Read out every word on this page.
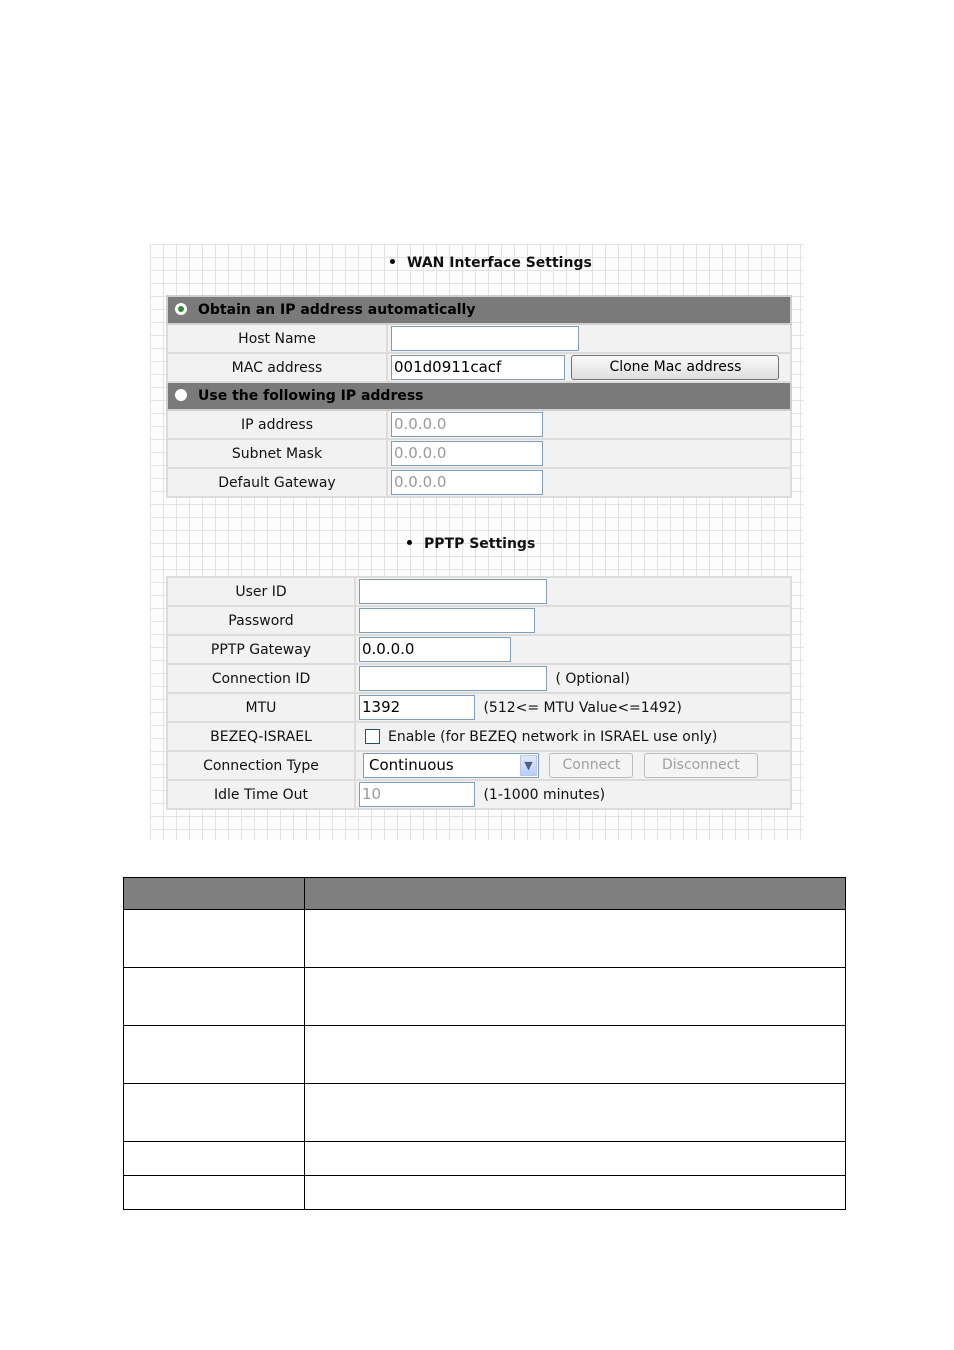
WAN Interface Settings
Obtain an IP address automatically	
Host Name	
MAC address	001d0911cacf Clone Mac address
Use the following IP address	
IP address	0.0.0.0
Subnet Mask	0.0.0.0
Default Gateway	0.0.0.0
PPTP Settings
User ID	
Password	
PPTP Gateway	0.0.0.0
Connection ID	( Optional)
MTU	1392 (512<= MTU Value<=1492)
BEZEQ-ISRAEL	Enable (for BEZEQ network in ISRAEL use only)
Connection Type	Continuous ▼ Connect Disconnect
Idle Time Out	10 (1-1000 minutes)
